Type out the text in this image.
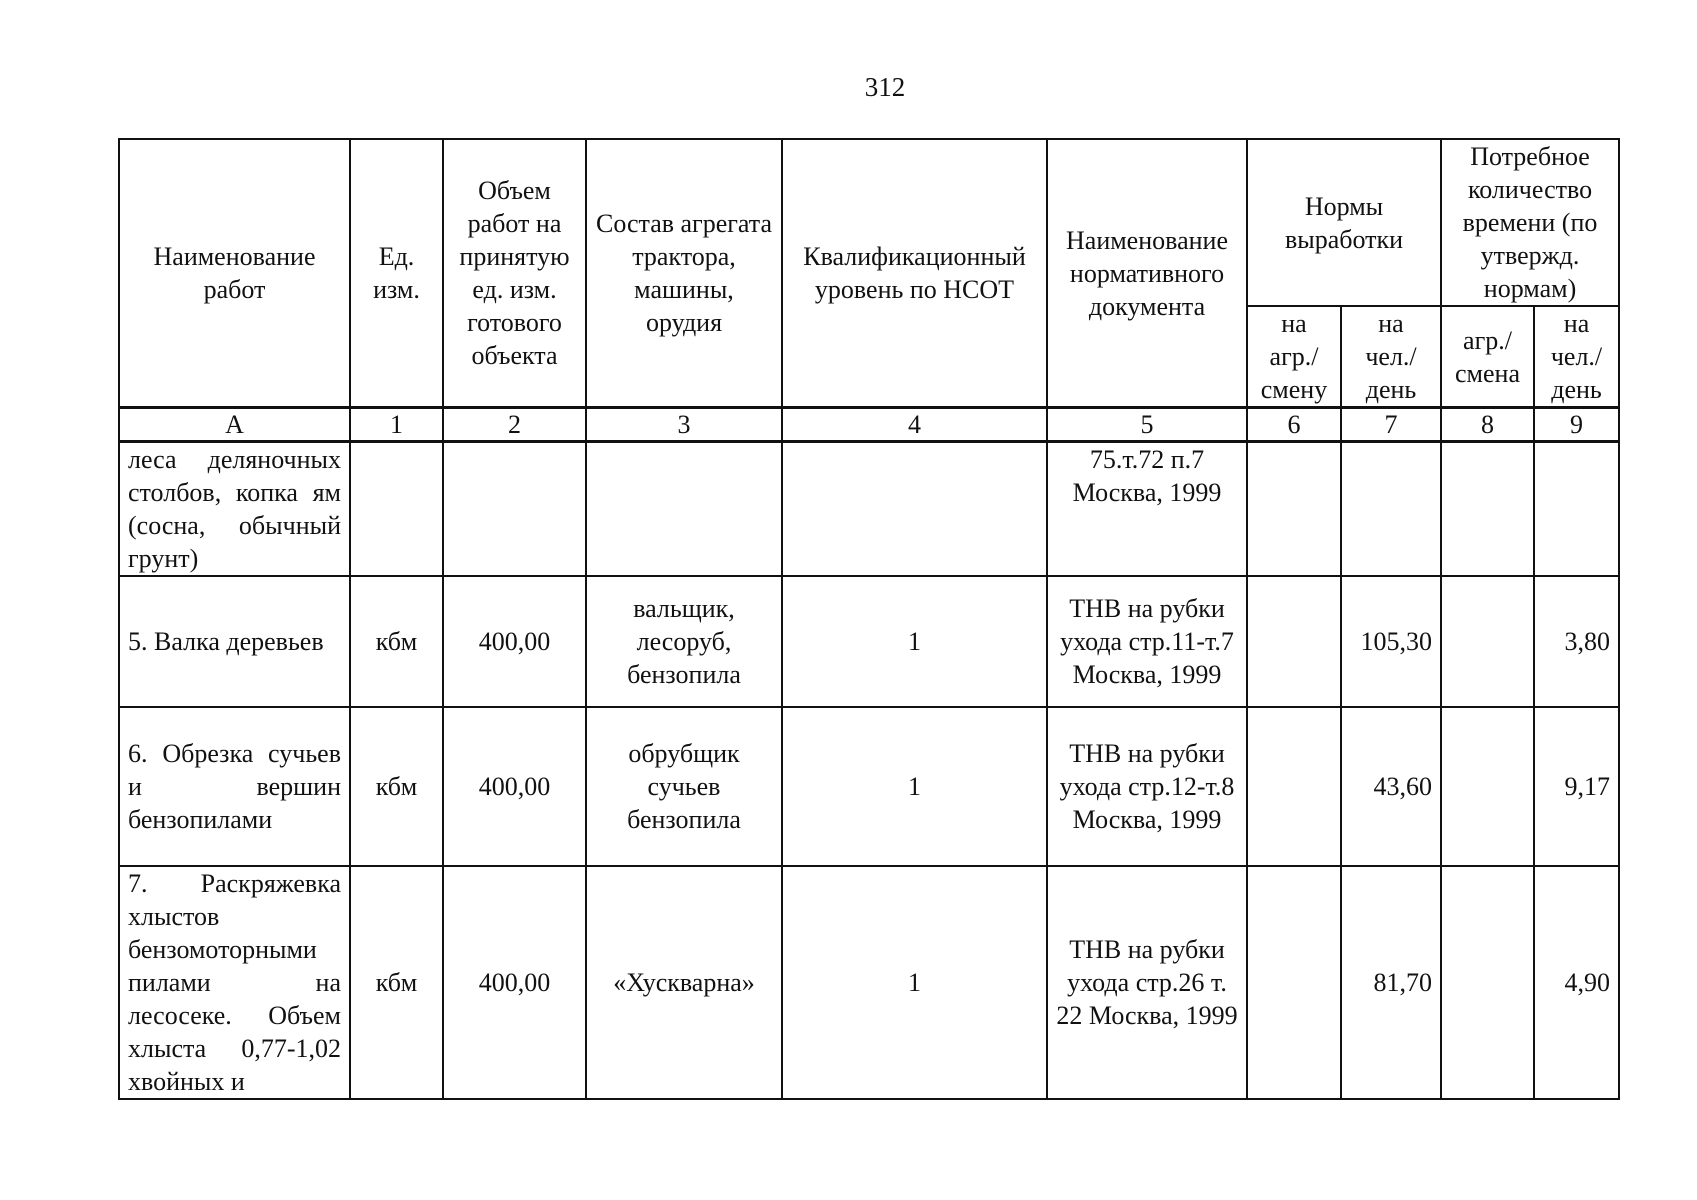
312
Наименование работ	Ед. изм.	Объем работ на принятую ед. изм. готового объекта	Состав агрегата трактора, машины, орудия	Квалификационный уровень по НСОТ	Наименование нормативного документа	Нормы выработки		Потребное количество времени (по утвержд. нормам)	
						на агр./ смену	на чел./ день	агр./ смена	на чел./ день
А	1	2	3	4	5	6	7	8	9
леса деляночных столбов, копка ям (сосна, обычный грунт)					75.т.72 п.7 Москва, 1999				
5. Валка деревьев	кбм	400,00	вальщик, лесоруб, бензопила	1	ТНВ на рубки ухода стр.11-т.7 Москва, 1999		105,30		3,80
6. Обрезка сучьев и вершин бензопилами	кбм	400,00	обрубщик сучьев бензопила	1	ТНВ на рубки ухода стр.12-т.8 Москва, 1999		43,60		9,17
7. Раскряжевка хлыстов бензомоторными пилами на лесосеке. Объем хлыста 0,77-1,02 хвойных и	кбм	400,00	«Хускварна»	1	ТНВ на рубки ухода стр.26 т. 22 Москва, 1999		81,70		4,90
